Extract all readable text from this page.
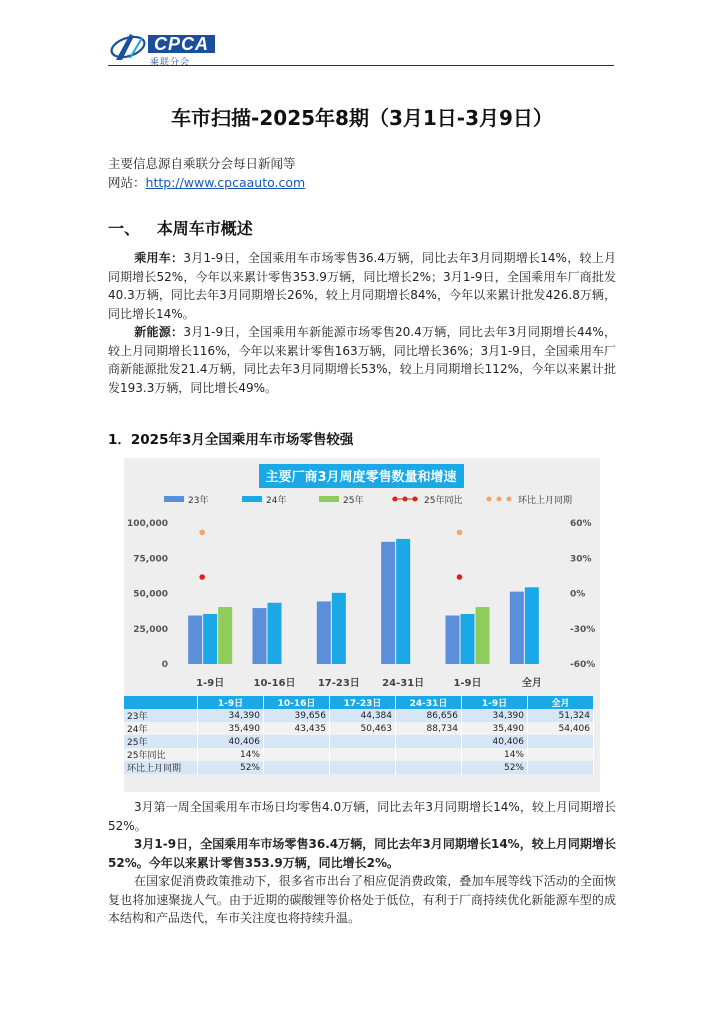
CPCA
乘联分会
车市扫描-2025年8期（3月1日-3月9日）
主要信息源自乘联分会每日新闻等
网站：http://www.cpcaauto.com
一、   本周车市概述
乘用车：3月1-9日，全国乘用车市场零售36.4万辆，同比去年3月同期增长14%，较上月同期增长52%，今年以来累计零售353.9万辆，同比增长2%；3月1-9日，全国乘用车厂商批发40.3万辆，同比去年3月同期增长26%，较上月同期增长84%，今年以来累计批发426.8万辆，同比增长14%。
新能源：3月1-9日，全国乘用车新能源市场零售20.4万辆，同比去年3月同期增长44%，较上月同期增长116%，今年以来累计零售163万辆，同比增长36%；3月1-9日，全国乘用车厂商新能源批发21.4万辆，同比去年3月同期增长53%，较上月同期增长112%，今年以来累计批发193.3万辆，同比增长49%。
1．2025年3月全国乘用车市场零售较强
主要厂商3月周度零售数量和增速
23年	24年	25年	25年同比	环比上月同期
100,000
75,000
50,000
25,000
0
60%
30%
0%
-30%
-60%
1-9日	10-16日 17-23日 24-31日	1-9日	全月
	1-9日	10-16日	17-23日	24-31日	1-9日	全月
23年	34,390	39,656	44,384	86,656	34,390	51,324
24年	35,490	43,435	50,463	88,734	35,490	54,406
25年	40,406				40,406	
25年同比	14%				14%	
环比上月同期	52%				52%	
3月第一周全国乘用车市场日均零售4.0万辆，同比去年3月同期增长14%，较上月同期增长52%。
3月1-9日，全国乘用车市场零售36.4万辆，同比去年3月同期增长14%，较上月同期增长52%。今年以来累计零售353.9万辆，同比增长2%。
在国家促消费政策推动下，很多省市出台了相应促消费政策，叠加车展等线下活动的全面恢复也将加速聚拢人气。由于近期的碳酸锂等价格处于低位，有利于厂商持续优化新能源车型的成本结构和产品迭代，车市关注度也将持续升温。
